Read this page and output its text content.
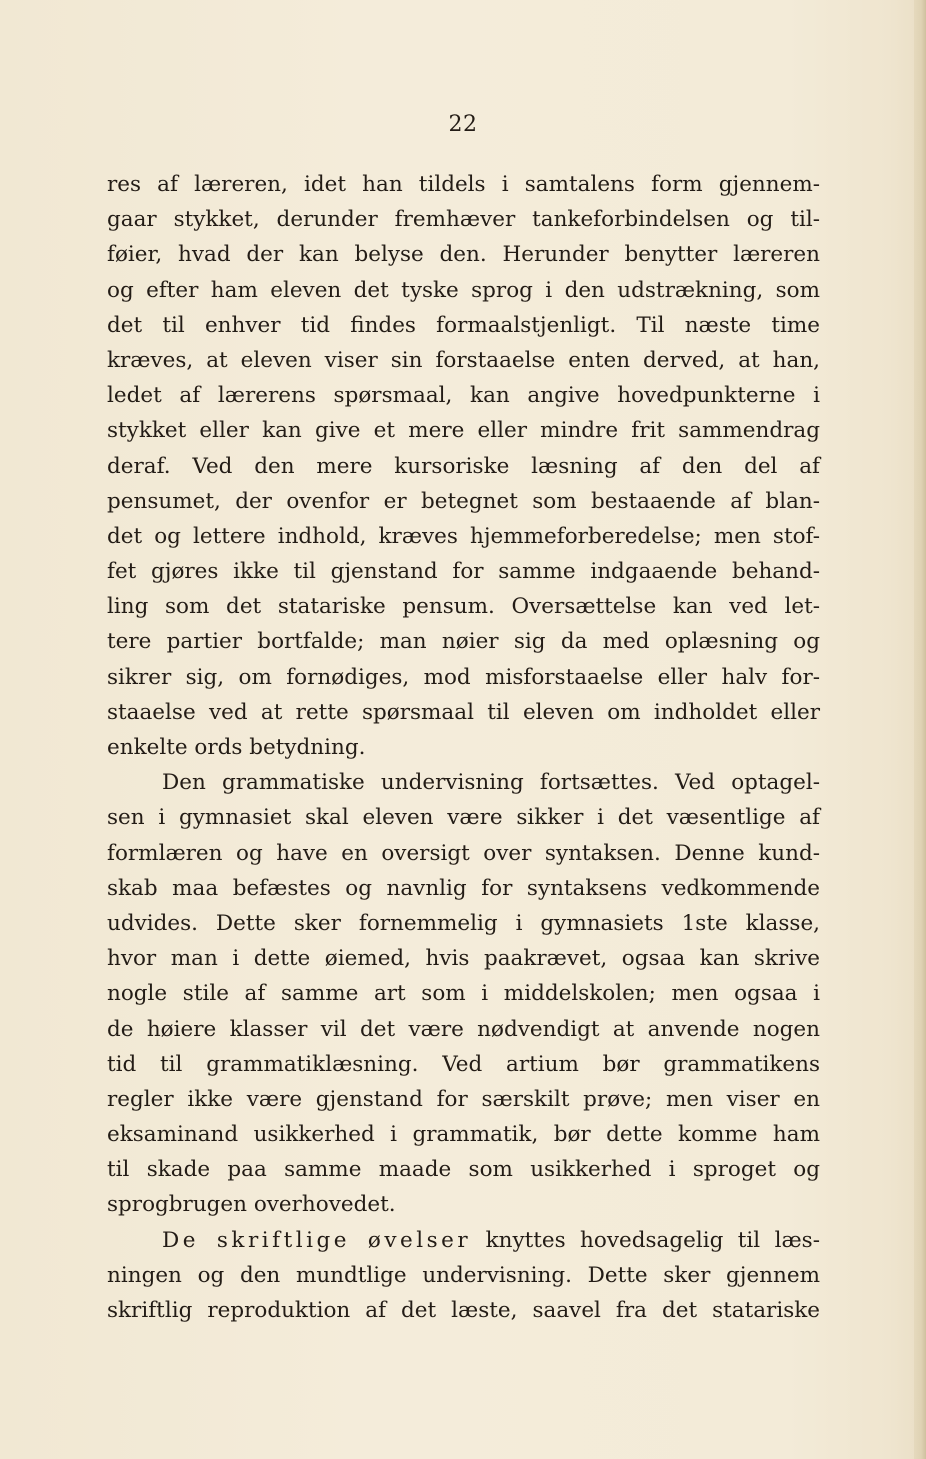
22
res af læreren, idet han tildels i samtalens form gjennem-
gaar stykket, derunder fremhæver tankeforbindelsen og til-
føier, hvad der kan belyse den. Herunder benytter læreren
og efter ham eleven det tyske sprog i den udstrækning, som
det til enhver tid findes formaalstjenligt. Til næste time
kræves, at eleven viser sin forstaaelse enten derved, at han,
ledet af lærerens spørsmaal, kan angive hovedpunkterne i
stykket eller kan give et mere eller mindre frit sammendrag
deraf. Ved den mere kursoriske læsning af den del af
pensumet, der ovenfor er betegnet som bestaaende af blan-
det og lettere indhold, kræves hjemmeforberedelse; men stof-
fet gjøres ikke til gjenstand for samme indgaaende behand-
ling som det statariske pensum. Oversættelse kan ved let-
tere partier bortfalde; man nøier sig da med oplæsning og
sikrer sig, om fornødiges, mod misforstaaelse eller halv for-
staaelse ved at rette spørsmaal til eleven om indholdet eller
enkelte ords betydning.
Den grammatiske undervisning fortsættes. Ved optagel-
sen i gymnasiet skal eleven være sikker i det væsentlige af
formlæren og have en oversigt over syntaksen. Denne kund-
skab maa befæstes og navnlig for syntaksens vedkommende
udvides. Dette sker fornemmelig i gymnasiets 1ste klasse,
hvor man i dette øiemed, hvis paakrævet, ogsaa kan skrive
nogle stile af samme art som i middelskolen; men ogsaa i
de høiere klasser vil det være nødvendigt at anvende nogen
tid til grammatiklæsning. Ved artium bør grammatikens
regler ikke være gjenstand for særskilt prøve; men viser en
eksaminand usikkerhed i grammatik, bør dette komme ham
til skade paa samme maade som usikkerhed i sproget og
sprogbrugen overhovedet.
De skriftlige øvelser knyttes hovedsagelig til læs-
ningen og den mundtlige undervisning. Dette sker gjennem
skriftlig reproduktion af det læste, saavel fra det statariske
